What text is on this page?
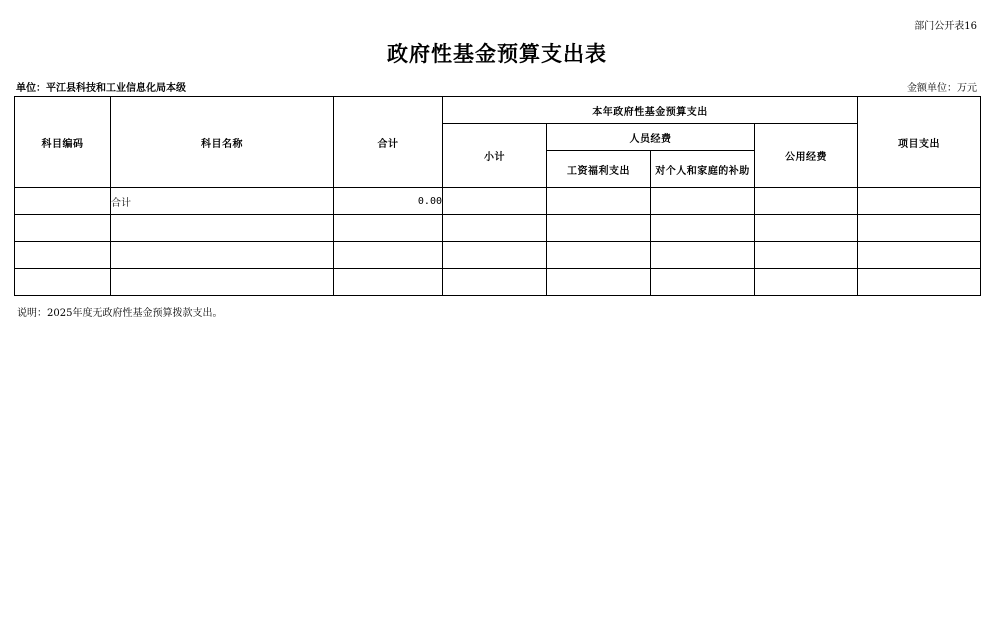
部门公开表16
政府性基金预算支出表
单位：平江县科技和工业信息化局本级	金额单位：万元
科目编码	科目名称	合计	本年政府性基金预算支出				项目支出
			小计	人员经费		公用经费	
				工资福利支出	对个人和家庭的补助		
	合计	0.00					

说明：2025年度无政府性基金预算拨款支出。
